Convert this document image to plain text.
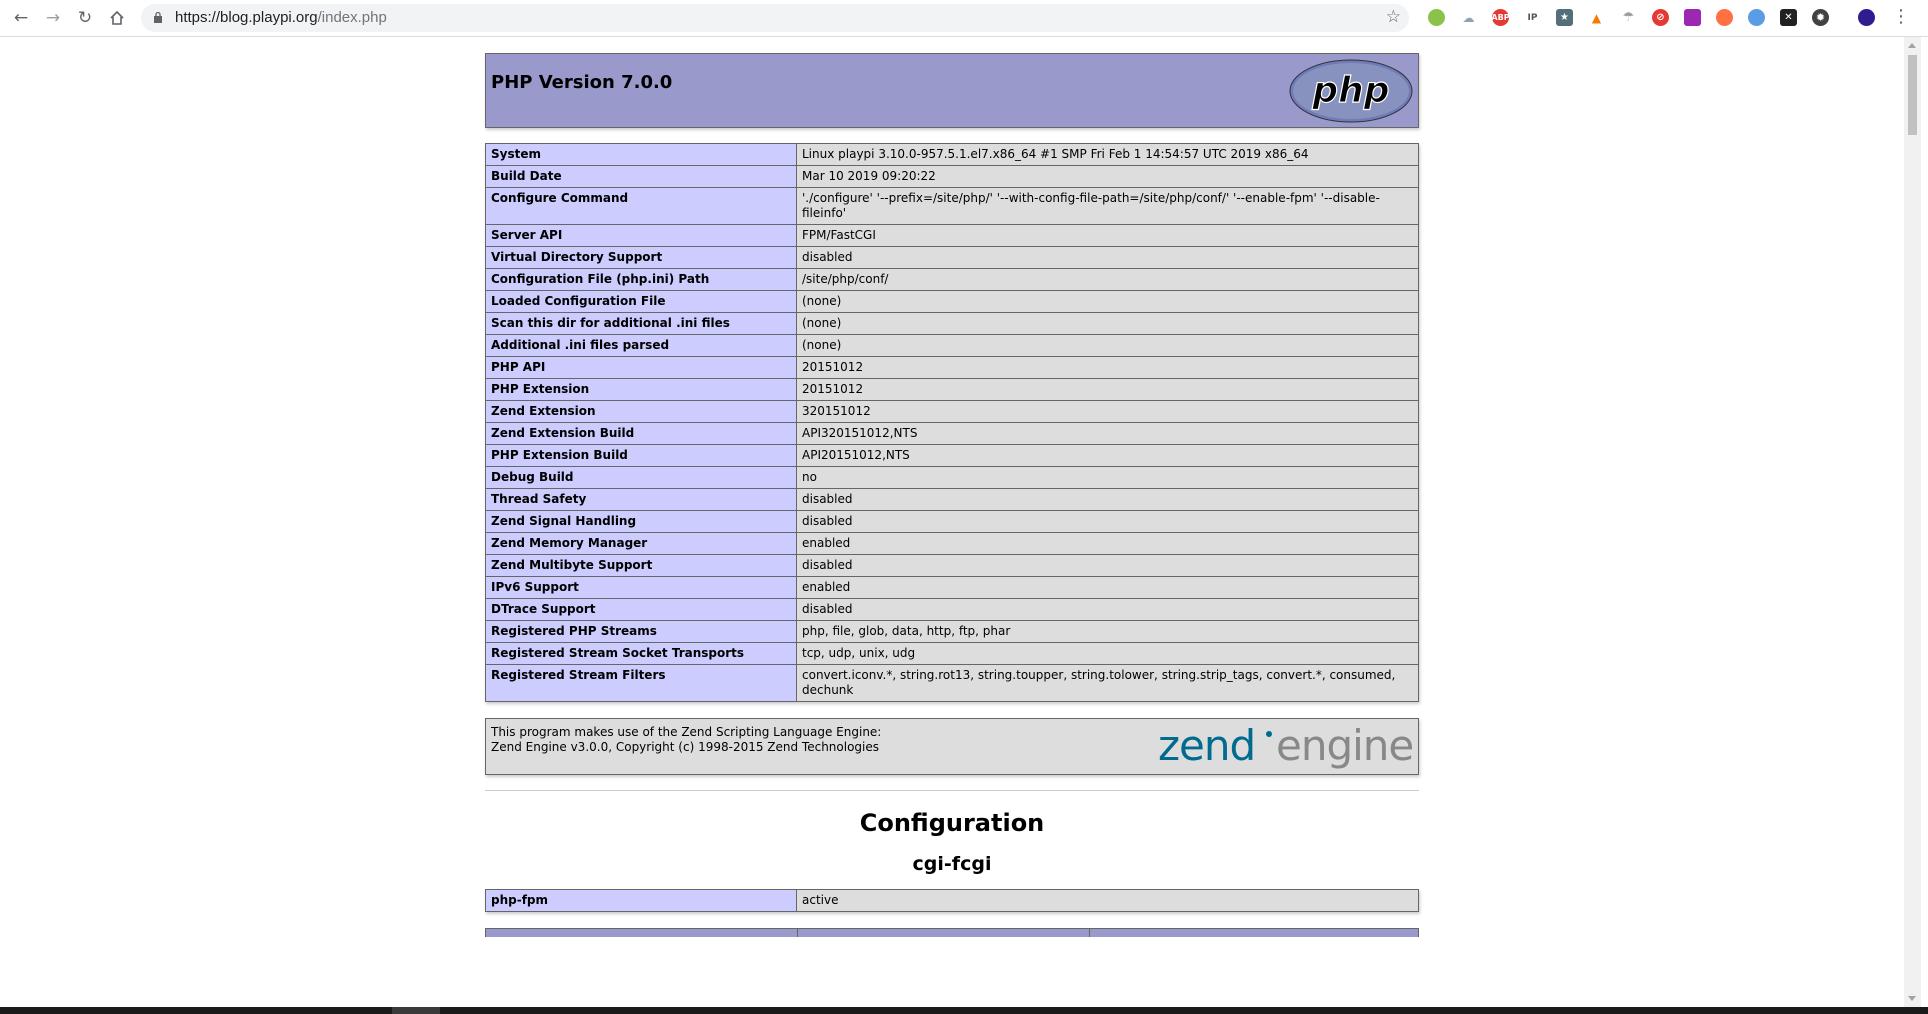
←	→	↻	https://blog.playpi.org/index.php	☆	☁	ABP	IP	★	▲ ☂	⊘	✕	✹	⋮
PHP Version 7.0.0	php
System	Linux playpi 3.10.0-957.5.1.el7.x86_64 #1 SMP Fri Feb 1 14:54:57 UTC 2019 x86_64
Build Date	Mar 10 2019 09:20:22
Configure Command	'./configure' '--prefix=/site/php/' '--with-config-file-path=/site/php/conf/' '--enable-fpm' '--disable-fileinfo'
Server API	FPM/FastCGI
Virtual Directory Support	disabled
Configuration File (php.ini) Path	/site/php/conf/
Loaded Configuration File	(none)
Scan this dir for additional .ini files	(none)
Additional .ini files parsed	(none)
PHP API	20151012
PHP Extension	20151012
Zend Extension	320151012
Zend Extension Build	API320151012,NTS
PHP Extension Build	API20151012,NTS
Debug Build	no
Thread Safety	disabled
Zend Signal Handling	disabled
Zend Memory Manager	enabled
Zend Multibyte Support	disabled
IPv6 Support	enabled
DTrace Support	disabled
Registered PHP Streams	php, file, glob, data, http, ftp, phar
Registered Stream Socket Transports	tcp, udp, unix, udg
Registered Stream Filters	convert.iconv.*, string.rot13, string.toupper, string.tolower, string.strip_tags, convert.*, consumed, dechunk
This program makes use of the Zend Scripting Language Engine:
Zend Engine v3.0.0, Copyright (c) 1998-2015 Zend Technologies	zend engine
Configuration
cgi-fcgi
php-fpm	active
